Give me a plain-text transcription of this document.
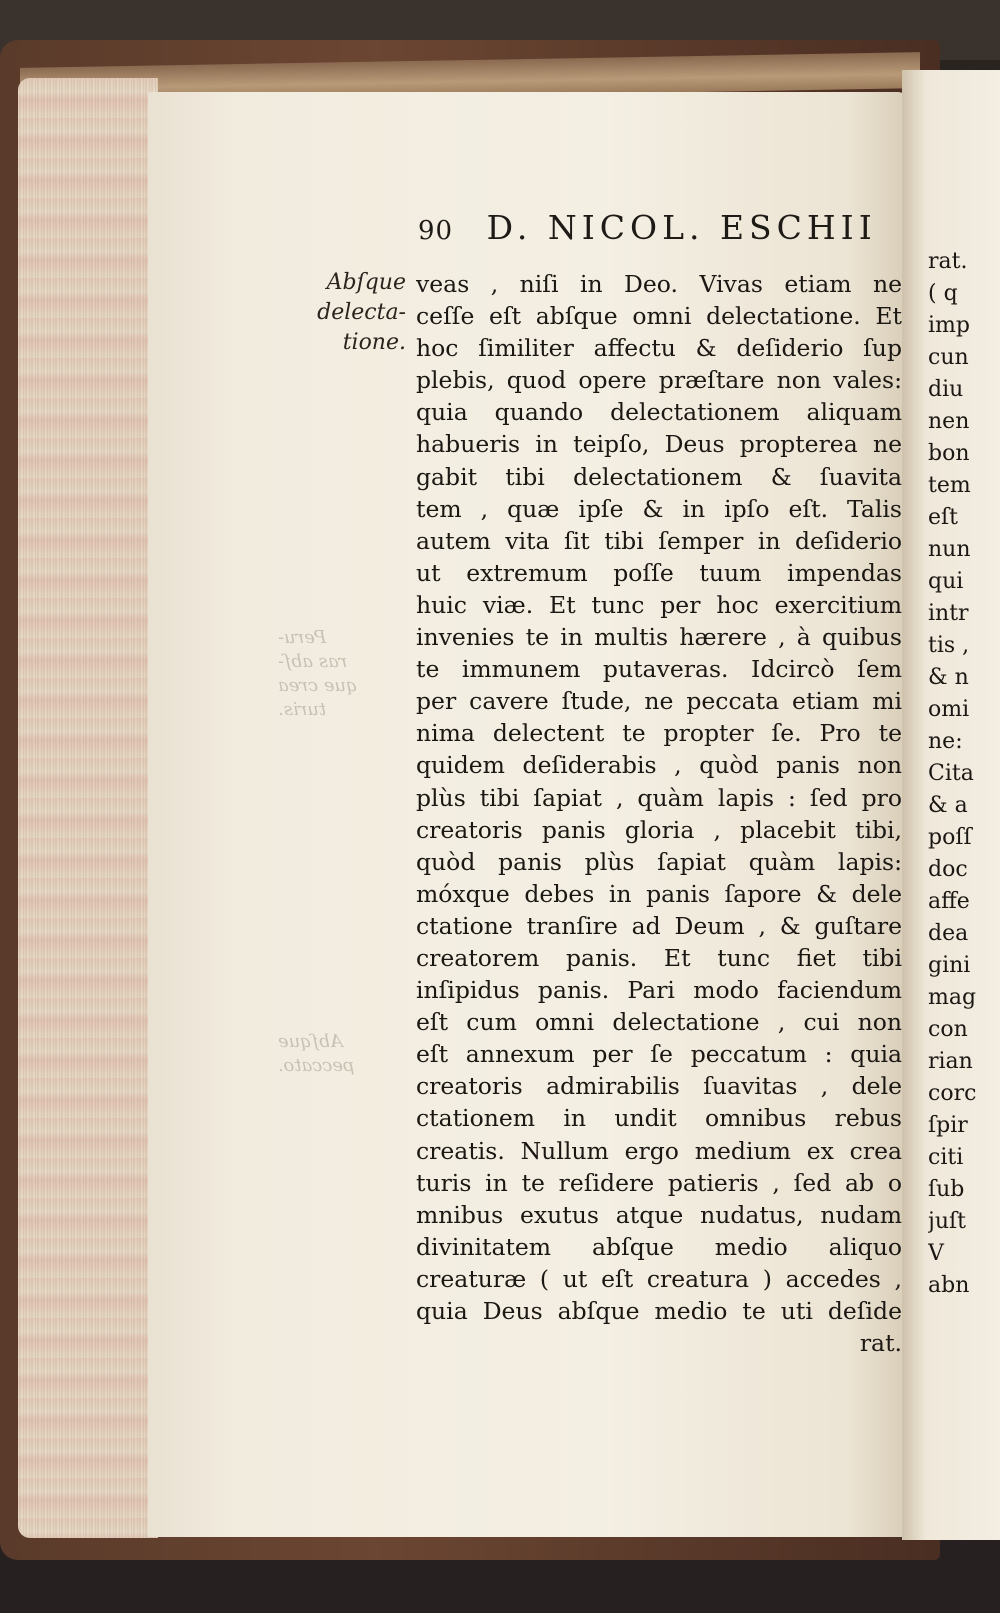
90 D. NICOL. ESCHII
Abſque
delecta-
tione.
Peru-
ras abſ-
que crea
turis.
Abſque
peccato.
veas , niſi in Deo. Vivas etiam ne
ceſſe eſt abſque omni delectatione. Et
hoc ſimiliter affectu & deſiderio ſup
plebis, quod opere præſtare non vales:
quia quando delectationem aliquam
habueris in teipſo, Deus propterea ne
gabit tibi delectationem & ſuavita
tem , quæ ipſe & in ipſo eſt. Talis
autem vita ſit tibi ſemper in deſiderio
ut extremum poſſe tuum impendas
huic viæ. Et tunc per hoc exercitium
invenies te in multis hærere , à quibus
te immunem putaveras. Idcircò ſem
per cavere ſtude, ne peccata etiam mi
nima delectent te propter ſe. Pro te
quidem deſiderabis , quòd panis non
plùs tibi ſapiat , quàm lapis : ſed pro
creatoris panis gloria , placebit tibi,
quòd panis plùs ſapiat quàm lapis:
móxque debes in panis ſapore & dele
ctatione tranſire ad Deum , & guſtare
creatorem panis. Et tunc fiet tibi
inſipidus panis. Pari modo faciendum
eſt cum omni delectatione , cui non
eſt annexum per ſe peccatum : quia
creatoris admirabilis ſuavitas , dele
ctationem in undit omnibus rebus
creatis. Nullum ergo medium ex crea
turis in te reſidere patieris , ſed ab o
mnibus exutus atque nudatus, nudam
divinitatem abſque medio aliquo
creaturæ ( ut eſt creatura ) accedes ,
quia Deus abſque medio te uti deſide
rat.
rat.
( q
imp
cun
diu
nen
bon
tem
eſt
nun
qui
intr
tis ,
& n
omi
ne:
Cita
& a
poſſ
doc
affe
dea
gini
mag
con
rian
corc
ſpir
citi
ſub
juſt
V
abn
